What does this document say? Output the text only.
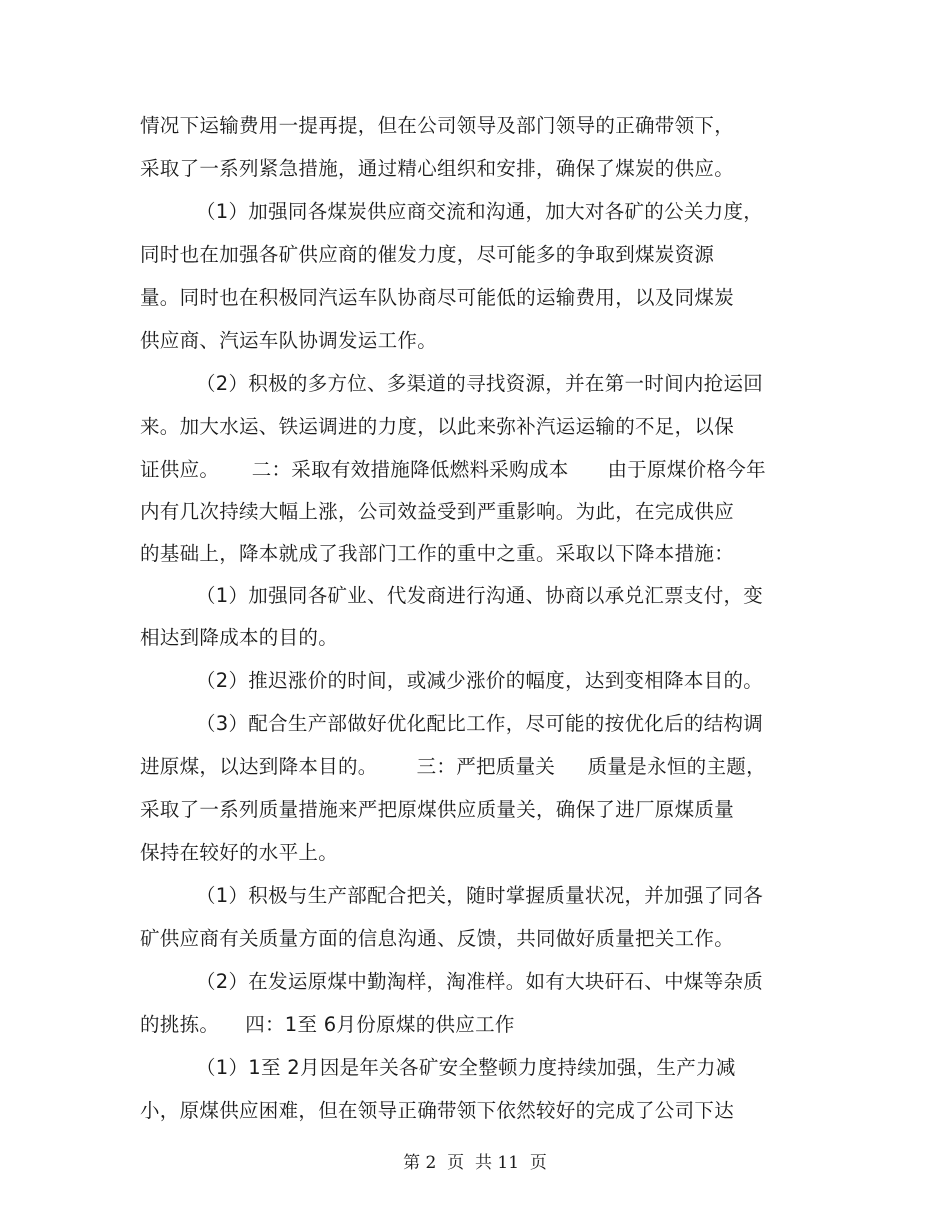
情况下运输费用一提再提，但在公司领导及部门领导的正确带领下，
采取了一系列紧急措施，通过精心组织和安排，确保了煤炭的供应。
（1）加强同各煤炭供应商交流和沟通，加大对各矿的公关力度，
同时也在加强各矿供应商的催发力度，尽可能多的争取到煤炭资源
量。同时也在积极同汽运车队协商尽可能低的运输费用，以及同煤炭
供应商、汽运车队协调发运工作。
（2）积极的多方位、多渠道的寻找资源，并在第一时间内抢运回
来。加大水运、铁运调进的力度，以此来弥补汽运运输的不足，以保
证供应。     二：采取有效措施降低燃料采购成本      由于原煤价格今年
内有几次持续大幅上涨，公司效益受到严重影响。为此，在完成供应
的基础上，降本就成了我部门工作的重中之重。采取以下降本措施：
（1）加强同各矿业、代发商进行沟通、协商以承兑汇票支付，变
相达到降成本的目的。
（2）推迟涨价的时间，或减少涨价的幅度，达到变相降本目的。
（3）配合生产部做好优化配比工作，尽可能的按优化后的结构调
进原煤，以达到降本目的。      三：严把质量关     质量是永恒的主题，
采取了一系列质量措施来严把原煤供应质量关，确保了进厂原煤质量
保持在较好的水平上。
（1）积极与生产部配合把关，随时掌握质量状况，并加强了同各
矿供应商有关质量方面的信息沟通、反馈，共同做好质量把关工作。
（2）在发运原煤中勤淘样，淘准样。如有大块矸石、中煤等杂质
的挑拣。    四：1至 6月份原煤的供应工作
（1）1至 2月因是年关各矿安全整顿力度持续加强，生产力减
小，原煤供应困难，但在领导正确带领下依然较好的完成了公司下达
第 2  页  共 11  页
